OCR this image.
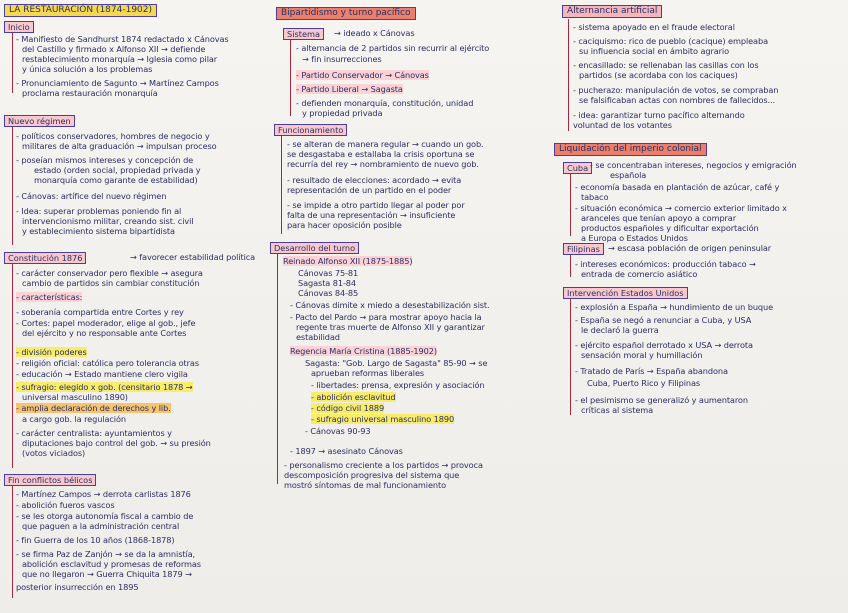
LA RESTAURACIÓN (1874-1902)
Inicio
- Manifiesto de Sandhurst 1874 redactado x Cánovas
del Castillo y firmado x Alfonso XII → defiende
restablecimiento monarquía → Iglesia como pilar
y única solución a los problemas
- Pronunciamiento de Sagunto → Martínez Campos
proclama restauración monarquía
Nuevo régimen
- políticos conservadores, hombres de negocio y
militares de alta graduación → impulsan proceso
- poseían mismos intereses y concepción de
estado (orden social, propiedad privada y
monarquía como garante de estabilidad)
- Cánovas: artífice del nuevo régimen
- Idea: superar problemas poniendo fin al
intervencionismo militar, creando sist. civil
y establecimiento sistema bipartidista
Constitución 1876	→ favorecer estabilidad política
- carácter conservador pero flexible → asegura
cambio de partidos sin cambiar constitución
- características:
- soberanía compartida entre Cortes y rey
- Cortes: papel moderador, elige al gob., jefe
del ejército y no responsable ante Cortes
- división poderes
- religión oficial: católica pero tolerancia otras
- educación → Estado mantiene clero vigila
- sufragio: elegido x gob. (censitario 1878 →
universal masculino 1890)
- amplia declaración de derechos y lib.
a cargo gob. la regulación
- carácter centralista: ayuntamientos y
diputaciones bajo control del gob. → su presión
(votos viciados)
Fin conflictos bélicos
- Martínez Campos → derrota carlistas 1876
- abolición fueros vascos
- se les otorga autonomía fiscal a cambio de
que paguen a la administración central
- fin Guerra de los 10 años (1868-1878)
- se firma Paz de Zanjón → se da la amnistía,
abolición esclavitud y promesas de reformas
que no llegaron → Guerra Chiquita 1879 →
posterior insurrección en 1895
Bipartidismo y turno pacífico
Sistema	→ ideado x Cánovas
- alternancia de 2 partidos sin recurrir al ejército
→ fin insurrecciones
- Partido Conservador → Cánovas
- Partido Liberal → Sagasta
- defienden monarquía, constitución, unidad
y propiedad privada
Funcionamiento
- se alteran de manera regular → cuando un gob.
se desgastaba e estallaba la crisis oportuna se
recurría del rey → nombramiento de nuevo gob.
- resultado de elecciones: acordado → evita
representación de un partido en el poder
- se impide a otro partido llegar al poder por
falta de una representación → insuficiente
para hacer oposición posible
Desarrollo del turno
Reinado Alfonso XII (1875-1885)
Cánovas 75-81
Sagasta 81-84
Cánovas 84-85
- Cánovas dimite x miedo a desestabilización sist.
- Pacto del Pardo → para mostrar apoyo hacia la
regente tras muerte de Alfonso XII y garantizar
estabilidad
Regencia María Cristina (1885-1902)
Sagasta: "Gob. Largo de Sagasta" 85-90 → se
aprueban reformas liberales
- libertades: prensa, expresión y asociación
- abolición esclavitud
- código civil 1889
- sufragio universal masculino 1890
- Cánovas 90-93
- 1897 → asesinato Cánovas
- personalismo creciente a los partidos → provoca
descomposición progresiva del sistema que
mostró síntomas de mal funcionamiento
Alternancia artificial
- sistema apoyado en el fraude electoral
- caciquismo: rico de pueblo (cacique) empleaba
su influencia social en ámbito agrario
- encasillado: se rellenaban las casillas con los
partidos (se acordaba con los caciques)
- pucherazo: manipulación de votos, se compraban
se falsificaban actas con nombres de fallecidos...
- idea: garantizar turno pacífico alternando
voluntad de los votantes
Liquidación del imperio colonial
Cuba - se concentraban intereses, negocios y emigración
española
- economía basada en plantación de azúcar, café y
tabaco
- situación económica → comercio exterior limitado x
aranceles que tenían apoyo a comprar
productos españoles y dificultar exportación
a Europa o Estados Unidos
Filipinas → escasa población de origen peninsular
- intereses económicos: producción tabaco →
entrada de comercio asiático
Intervención Estados Unidos
- explosión a España → hundimiento de un buque
- España se negó a renunciar a Cuba, y USA
le declaró la guerra
- ejército español derrotado x USA → derrota
sensación moral y humillación
- Tratado de París → España abandona
Cuba, Puerto Rico y Filipinas
- el pesimismo se generalizó y aumentaron
críticas al sistema
